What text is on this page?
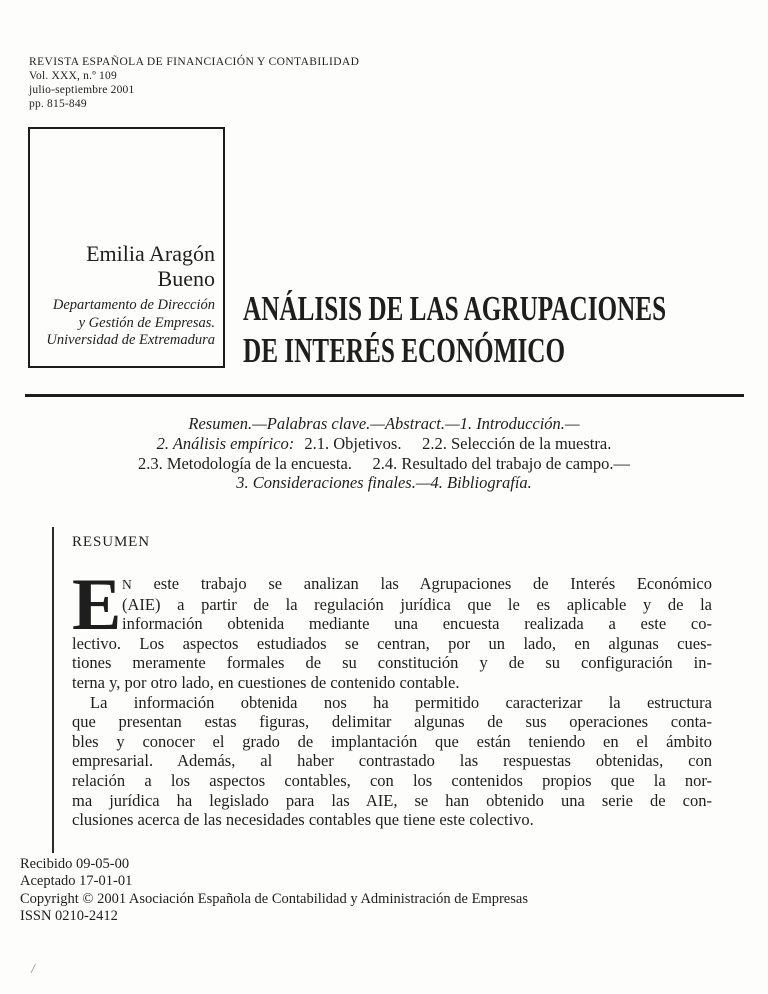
REVISTA ESPAÑOLA DE FINANCIACIÓN Y CONTABILIDAD
Vol. XXX, n.º 109
julio-septiembre 2001
pp. 815-849
Emilia Aragón
Bueno
Departamento de Dirección
y Gestión de Empresas.
Universidad de Extremadura
ANÁLISIS DE LAS AGRUPACIONES
DE INTERÉS ECONÓMICO
Resumen.—Palabras clave.—Abstract.—1. Introducción.—
2. Análisis empírico: 2.1. Objetivos.  2.2. Selección de la muestra.
2.3. Metodología de la encuesta.  2.4. Resultado del trabajo de campo.—
3. Consideraciones finales.—4. Bibliografía.
RESUMEN
E N este trabajo se analizan las Agrupaciones de Interés Económico
(AIE) a partir de la regulación jurídica que le es aplicable y de la
información obtenida mediante una encuesta realizada a este co-
lectivo. Los aspectos estudiados se centran, por un lado, en algunas cues-
tiones meramente formales de su constitución y de su configuración in-
terna y, por otro lado, en cuestiones de contenido contable.
La información obtenida nos ha permitido caracterizar la estructura
que presentan estas figuras, delimitar algunas de sus operaciones conta-
bles y conocer el grado de implantación que están teniendo en el ámbito
empresarial. Además, al haber contrastado las respuestas obtenidas, con
relación a los aspectos contables, con los contenidos propios que la nor-
ma jurídica ha legislado para las AIE, se han obtenido una serie de con-
clusiones acerca de las necesidades contables que tiene este colectivo.
Recibido 09-05-00
Aceptado 17-01-01
Copyright © 2001 Asociación Española de Contabilidad y Administración de Empresas
ISSN 0210-2412
/
